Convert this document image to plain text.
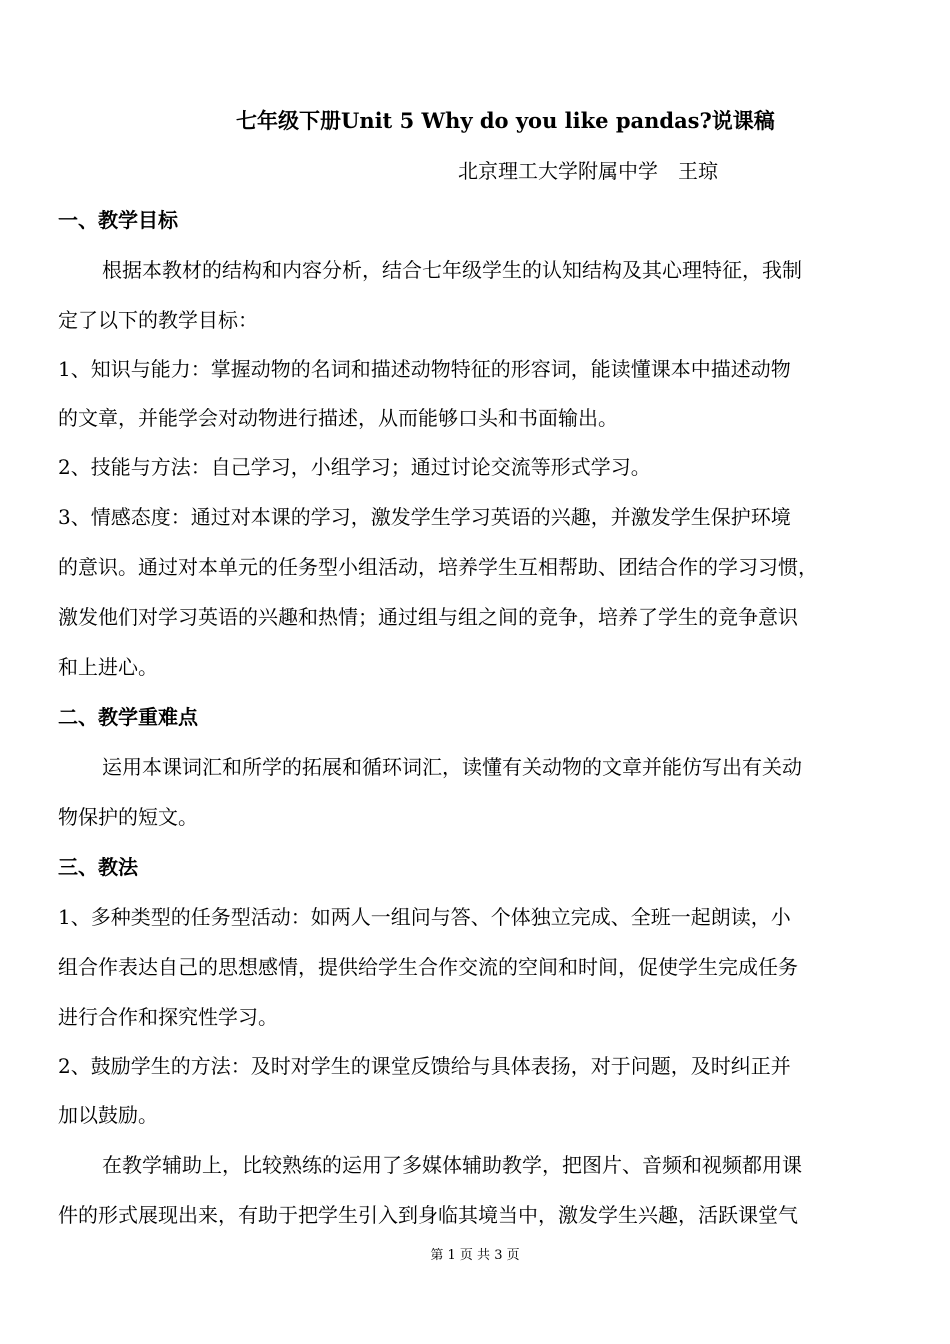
七年级下册Unit 5 Why do you like pandas?说课稿
北京理工大学附属中学　王琼
一、教学目标
根据本教材的结构和内容分析，结合七年级学生的认知结构及其心理特征，我制
定了以下的教学目标：
1、知识与能力：掌握动物的名词和描述动物特征的形容词，能读懂课本中描述动物
的文章，并能学会对动物进行描述，从而能够口头和书面输出。
2、技能与方法：自己学习，小组学习；通过讨论交流等形式学习。
3、情感态度：通过对本课的学习，激发学生学习英语的兴趣，并激发学生保护环境
的意识。通过对本单元的任务型小组活动，培养学生互相帮助、团结合作的学习习惯，
激发他们对学习英语的兴趣和热情；通过组与组之间的竞争，培养了学生的竞争意识
和上进心。
二、教学重难点
运用本课词汇和所学的拓展和循环词汇，读懂有关动物的文章并能仿写出有关动
物保护的短文。
三、教法
1、多种类型的任务型活动：如两人一组问与答、个体独立完成、全班一起朗读，小
组合作表达自己的思想感情，提供给学生合作交流的空间和时间，促使学生完成任务
进行合作和探究性学习。
2、鼓励学生的方法：及时对学生的课堂反馈给与具体表扬，对于问题，及时纠正并
加以鼓励。
在教学辅助上，比较熟练的运用了多媒体辅助教学，把图片、音频和视频都用课
件的形式展现出来，有助于把学生引入到身临其境当中，激发学生兴趣，活跃课堂气
第 1 页 共 3 页
